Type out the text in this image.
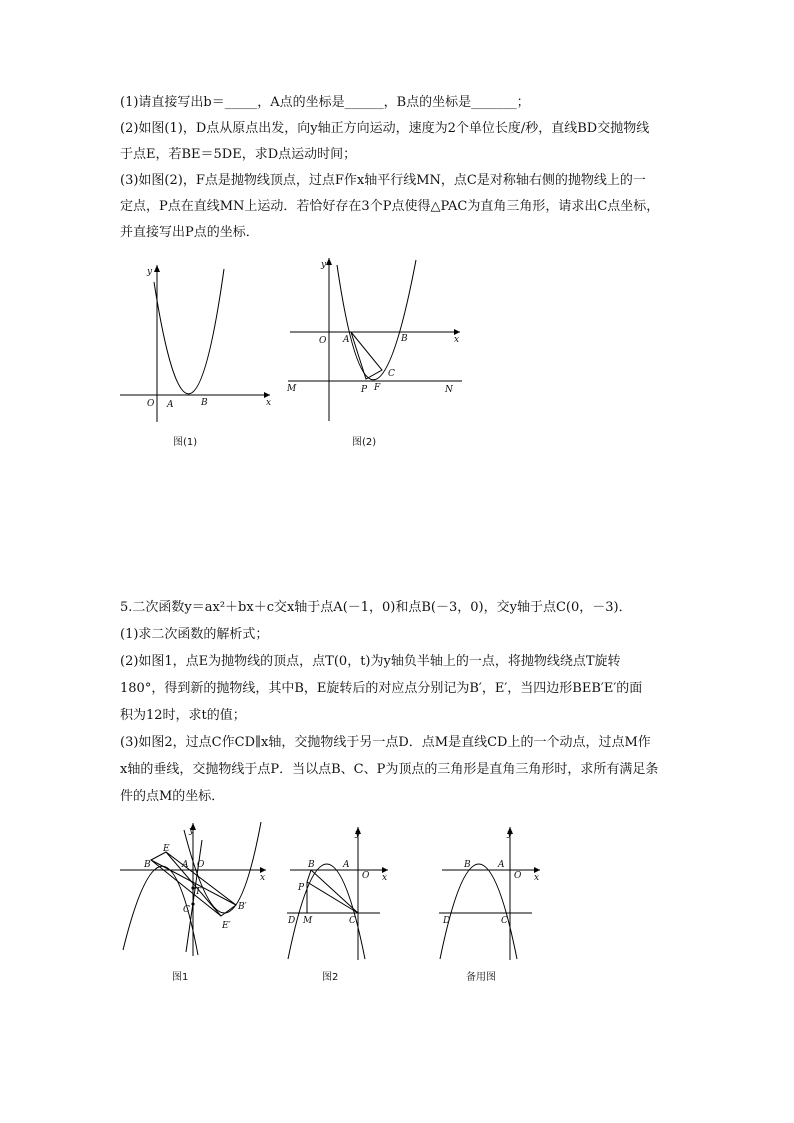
(1)请直接写出b＝_____，A点的坐标是______，B点的坐标是_______；
(2)如图(1)，D点从原点出发，向y轴正方向运动，速度为2个单位长度/秒，直线BD交抛物线
于点E，若BE＝5DE，求D点运动时间；
(3)如图(2)，F点是抛物线顶点，过点F作x轴平行线MN，点C是对称轴右侧的抛物线上的一
定点，P点在直线MN上运动．若恰好存在3个P点使得△PAC为直角三角形，请求出C点坐标，
并直接写出P点的坐标．
y
x
O A	B
图(1)
y
x
O A	B
M	N
P F
C
图(2)
5.二次函数y＝ax²＋bx＋c交x轴于点A(－1，0)和点B(－3，0)，交y轴于点C(0，－3)．
(1)求二次函数的解析式；
(2)如图1，点E为抛物线的顶点，点T(0，t)为y轴负半轴上的一点，将抛物线绕点T旋转
180°，得到新的抛物线，其中B，E旋转后的对应点分别记为B′，E′，当四边形BEB′E′的面
积为12时，求t的值；
(3)如图2，过点C作CD∥x轴，交抛物线于另一点D．点M是直线CD上的一个动点，过点M作
x轴的垂线，交抛物线于点P．当以点B、C、P为顶点的三角形是直角三角形时，求所有满足条
件的点M的坐标．
B
E
A O
y
x
T
C	B′
E′
图1
y
x
B	A
O
P
D M	C
图2
y
x
B	A
O
D	C
备用图
